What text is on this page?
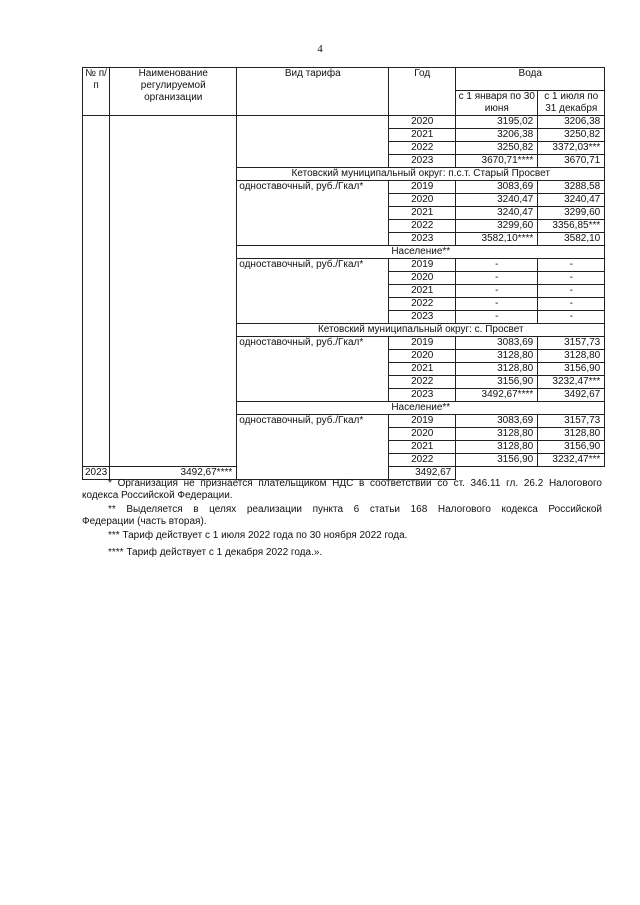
4
№ п/п	Наименование регулируемой организации	Вид тарифа	Год	Вода	
				с 1 января по 30 июня	с 1 июля по 31 декабря
			2020	3195,02	3206,38
			2021	3206,38	3250,82
			2022	3250,82	3372,03***
			2023	3670,71****	3670,71
		Кетовский муниципальный округ: п.с.т. Старый Просвет			
		одноставочный, руб./Гкал*	2019	3083,69	3288,58
			2020	3240,47	3240,47
			2021	3240,47	3299,60
			2022	3299,60	3356,85***
			2023	3582,10****	3582,10
		Население**			
		одноставочный, руб./Гкал*	2019	-	-
			2020	-	-
			2021	-	-
			2022	-	-
			2023	-	-
		Кетовский муниципальный округ: с. Просвет			
		одноставочный, руб./Гкал*	2019	3083,69	3157,73
			2020	3128,80	3128,80
			2021	3128,80	3156,90
			2022	3156,90	3232,47***
			2023	3492,67****	3492,67
		Население**			
		одноставочный, руб./Гкал*	2019	3083,69	3157,73
			2020	3128,80	3128,80
			2021	3128,80	3156,90
			2022	3156,90	3232,47***
2023	3492,67****		3492,67		
* Организация не признается плательщиком НДС в соответствии со ст. 346.11 гл. 26.2 Налогового
кодекса Российской Федерации.
** Выделяется в целях реализации пункта 6 статьи 168 Налогового кодекса Российской
Федерации (часть вторая).
*** Тариф действует с 1 июля 2022 года по 30 ноября 2022 года.
**** Тариф действует с 1 декабря 2022 года.».
